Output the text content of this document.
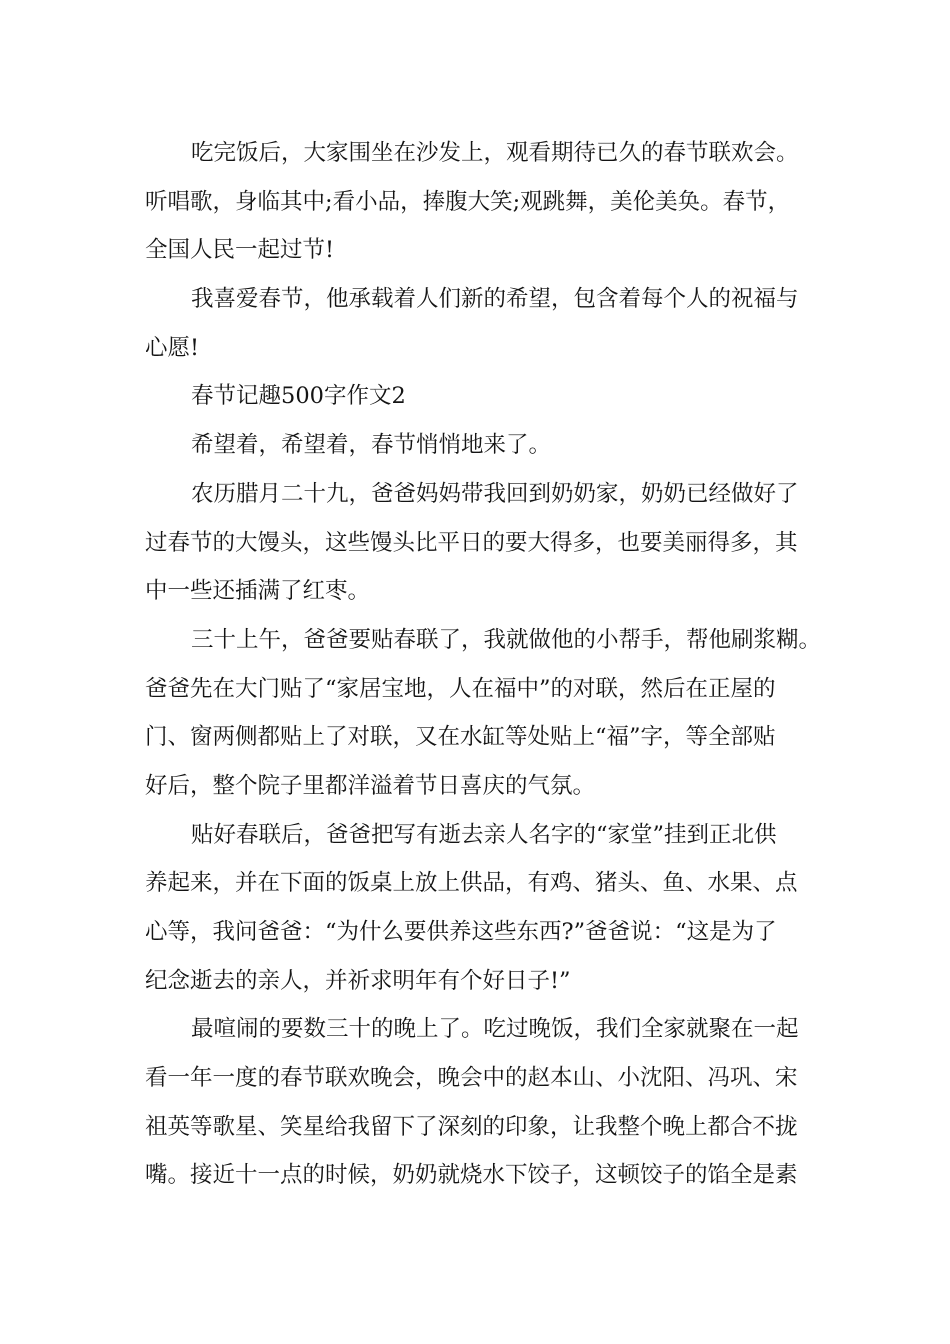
吃完饭后，大家围坐在沙发上，观看期待已久的春节联欢会。
听唱歌，身临其中;看小品，捧腹大笑;观跳舞，美伦美奂。春节，
全国人民一起过节!
我喜爱春节，他承载着人们新的希望，包含着每个人的祝福与
心愿!
春节记趣500字作文2
希望着，希望着，春节悄悄地来了。
农历腊月二十九，爸爸妈妈带我回到奶奶家，奶奶已经做好了
过春节的大馒头，这些馒头比平日的要大得多，也要美丽得多，其
中一些还插满了红枣。
三十上午，爸爸要贴春联了，我就做他的小帮手，帮他刷浆糊。
爸爸先在大门贴了“家居宝地，人在福中”的对联，然后在正屋的
门、窗两侧都贴上了对联，又在水缸等处贴上“福”字，等全部贴
好后，整个院子里都洋溢着节日喜庆的气氛。
贴好春联后，爸爸把写有逝去亲人名字的“家堂”挂到正北供
养起来，并在下面的饭桌上放上供品，有鸡、猪头、鱼、水果、点
心等，我问爸爸：“为什么要供养这些东西?”爸爸说：“这是为了
纪念逝去的亲人，并祈求明年有个好日子!”
最喧闹的要数三十的晚上了。吃过晚饭，我们全家就聚在一起
看一年一度的春节联欢晚会，晚会中的赵本山、小沈阳、冯巩、宋
祖英等歌星、笑星给我留下了深刻的印象，让我整个晚上都合不拢
嘴。接近十一点的时候，奶奶就烧水下饺子，这顿饺子的馅全是素
